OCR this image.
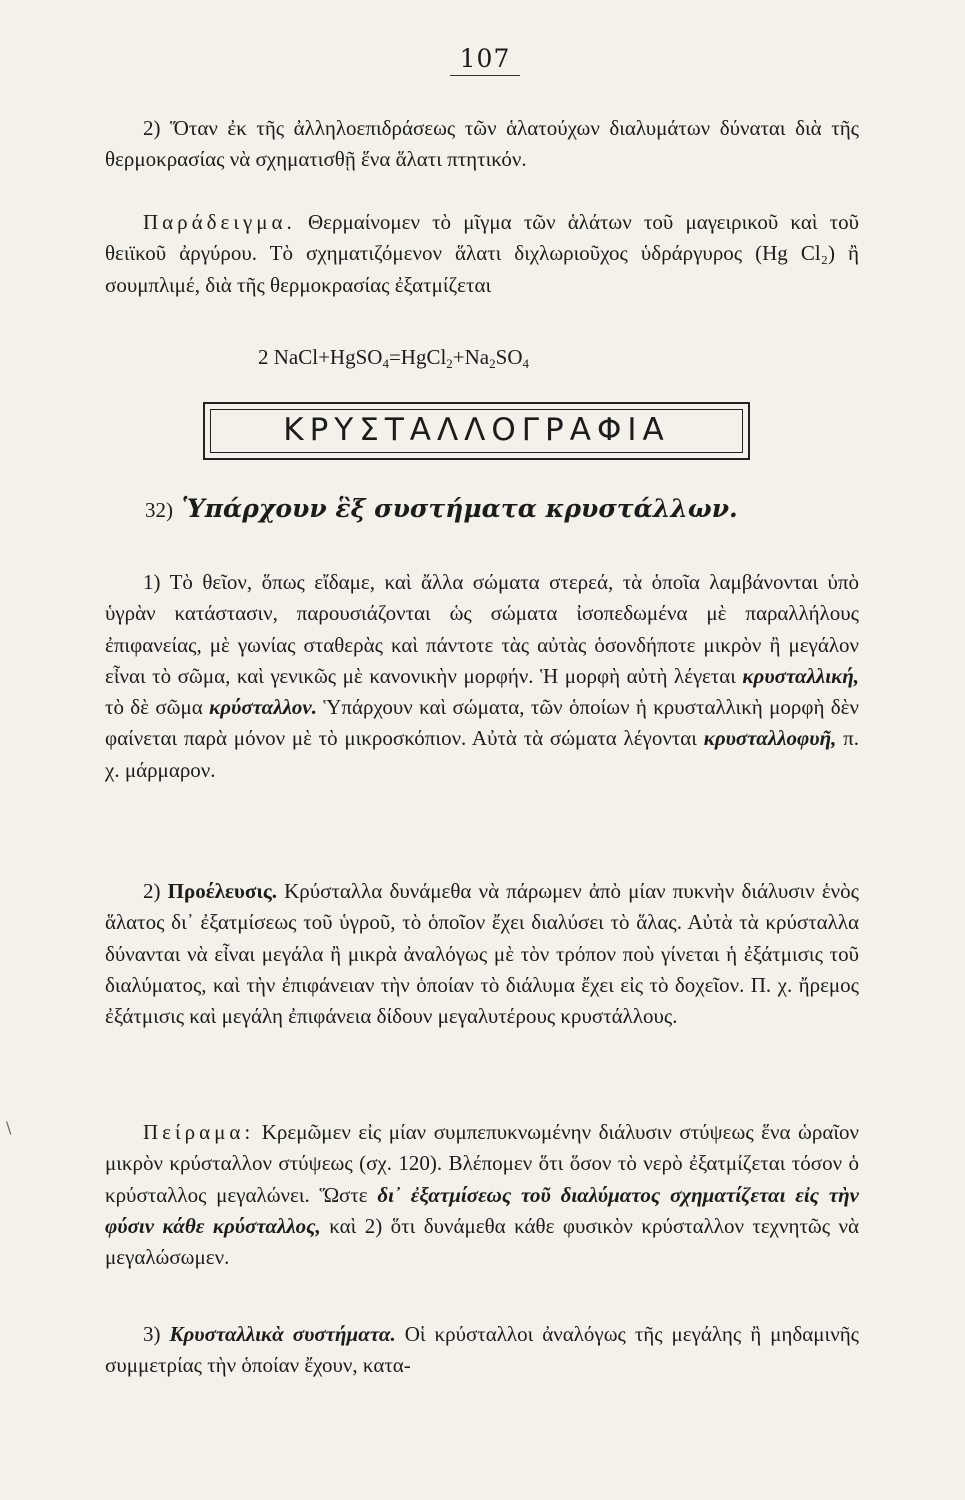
107
2) Ὅταν ἐκ τῆς ἀλληλοεπιδράσεως τῶν ἁλατούχων διαλυμάτων δύναται διὰ τῆς θερμοκρασίας νὰ σχηματισθῇ ἕνα ἅλατι πτητικόν.
Παράδειγμα. Θερμαίνομεν τὸ μῖγμα τῶν ἁλάτων τοῦ μαγειρικοῦ καὶ τοῦ θειϊκοῦ ἀργύρου. Τὸ σχηματιζόμενον ἅλατι διχλωριοῦχος ὑδράργυρος (Hg Cl₂) ἢ σουμπλιμέ, διὰ τῆς θερμοκρασίας ἐξατμίζεται
2 $NaCl+HgSO_4=HgCl_2+Na_2SO_4$
ΚΡΥΣΤΑΛΛΟΓΡΑΦΙΑ
32) Ὑπάρχουν ἓξ συστήματα κρυστάλλων.
1) Τὸ θεῖον, ὅπως εἴδαμε, καὶ ἄλλα σώματα στερεά, τὰ ὁποῖα λαμβάνονται ὑπὸ ὑγρὰν κατάστασιν, παρουσιάζονται ὡς σώματα ἰσοπεδωμένα μὲ παραλλήλους ἐπιφανείας, μὲ γωνίας σταθερὰς καὶ πάντοτε τὰς αὐτὰς ὁσονδήποτε μικρὸν ἢ μεγάλον εἶναι τὸ σῶμα, καὶ γενικῶς μὲ κανονικὴν μορφήν. Ἡ μορφὴ αὐτὴ λέγεται κρυσταλλική, τὸ δὲ σῶμα κρύσταλλον. Ὑπάρχουν καὶ σώματα, τῶν ὁποίων ἡ κρυσταλλικὴ μορφὴ δὲν φαίνεται παρὰ μόνον μὲ τὸ μικροσκόπιον. Αὐτὰ τὰ σώματα λέγονται κρυσταλλοφυῆ, π. χ. μάρμαρον.
2) Προέλευσις. Κρύσταλλα δυνάμεθα νὰ πάρωμεν ἀπὸ μίαν πυκνὴν διάλυσιν ἑνὸς ἅλατος δι᾽ ἐξατμίσεως τοῦ ὑγροῦ, τὸ ὁποῖον ἔχει διαλύσει τὸ ἅλας. Αὐτὰ τὰ κρύσταλλα δύνανται νὰ εἶναι μεγάλα ἢ μικρὰ ἀναλόγως μὲ τὸν τρόπον ποὺ γίνεται ἡ ἐξάτμισις τοῦ διαλύματος, καὶ τὴν ἐπιφάνειαν τὴν ὁποίαν τὸ διάλυμα ἔχει εἰς τὸ δοχεῖον. Π. χ. ἤρεμος ἐξάτμισις καὶ μεγάλη ἐπιφάνεια δίδουν μεγαλυτέρους κρυστάλλους.
Πείραμα: Κρεμῶμεν εἰς μίαν συμπεπυκνωμένην διάλυσιν στύψεως ἕνα ὡραῖον μικρὸν κρύσταλλον στύψεως (σχ. 120). Βλέπομεν ὅτι ὅσον τὸ νερὸ ἐξατμίζεται τόσον ὁ κρύσταλλος μεγαλώνει. Ὥστε δι᾽ ἐξατμίσεως τοῦ διαλύματος σχηματίζεται εἰς τὴν φύσιν κάθε κρύσταλλος, καὶ 2) ὅτι δυνάμεθα κάθε φυσικὸν κρύσταλλον τεχνητῶς νὰ μεγαλώσωμεν.
3) Κρυσταλλικὰ συστήματα. Οἱ κρύσταλλοι ἀναλόγως τῆς μεγάλης ἢ μηδαμινῆς συμμετρίας τὴν ὁποίαν ἔχουν, κατα-
\
